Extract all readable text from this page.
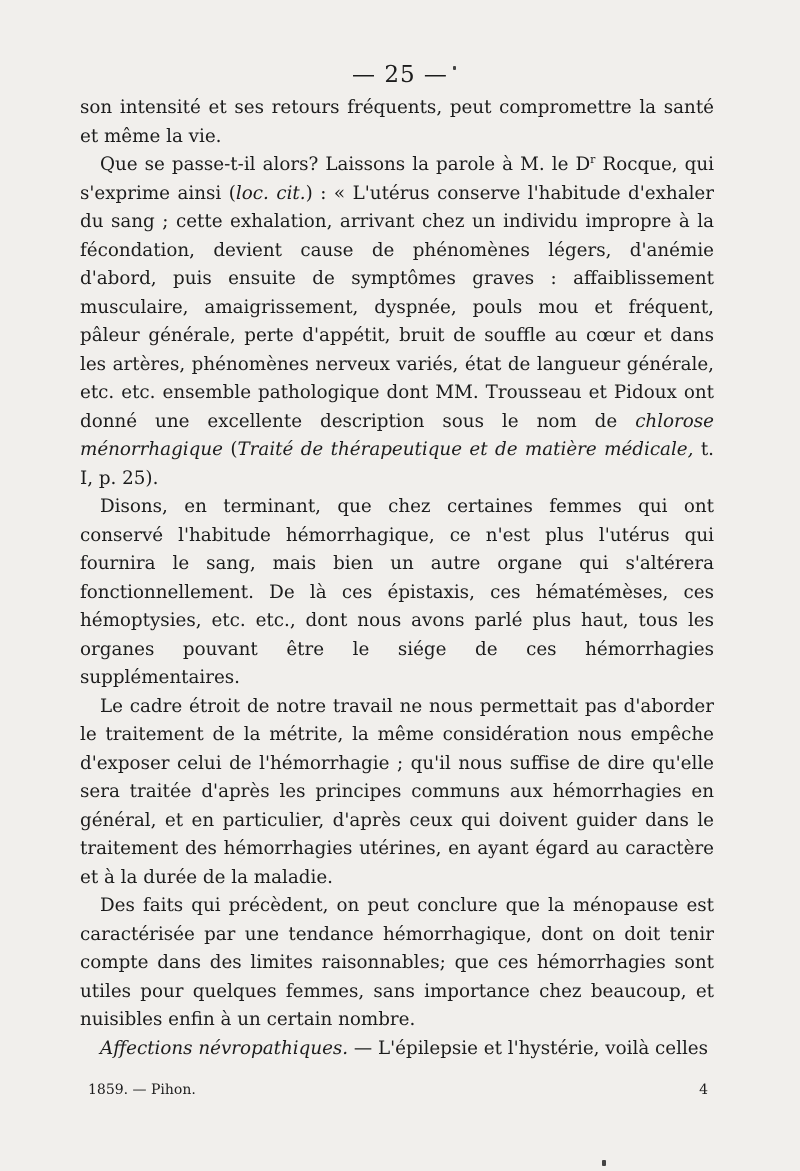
— 25 —

son intensité et ses retours fréquents, peut compromettre la santé et même la vie.

Que se passe-t-il alors? Laissons la parole à M. le $D^r$ Rocque, qui s'exprime ainsi (loc. cit.) : « L'utérus conserve l'habitude d'exhaler du sang ; cette exhalation, arrivant chez un individu impropre à la fécondation, devient cause de phénomènes légers, d'anémie d'abord, puis ensuite de symptômes graves : affaiblissement musculaire, amaigrissement, dyspnée, pouls mou et fréquent, pâleur générale, perte d'appétit, bruit de souffle au cœur et dans les artères, phénomènes nerveux variés, état de langueur générale, etc. etc. ensemble pathologique dont MM. Trousseau et Pidoux ont donné une excellente description sous le nom de chlorose ménorrhagique (Traité de thérapeutique et de matière médicale, t. I, p. 25).

Disons, en terminant, que chez certaines femmes qui ont conservé l'habitude hémorrhagique, ce n'est plus l'utérus qui fournira le sang, mais bien un autre organe qui s'altérera fonctionnellement. De là ces épistaxis, ces hématémèses, ces hémoptysies, etc. etc., dont nous avons parlé plus haut, tous les organes pouvant être le siége de ces hémorrhagies supplémentaires.

Le cadre étroit de notre travail ne nous permettait pas d'aborder le traitement de la métrite, la même considération nous empêche d'exposer celui de l'hémorrhagie ; qu'il nous suffise de dire qu'elle sera traitée d'après les principes communs aux hémorrhagies en général, et en particulier, d'après ceux qui doivent guider dans le traitement des hémorrhagies utérines, en ayant égard au caractère et à la durée de la maladie.

Des faits qui précèdent, on peut conclure que la ménopause est caractérisée par une tendance hémorrhagique, dont on doit tenir compte dans des limites raisonnables; que ces hémorrhagies sont utiles pour quelques femmes, sans importance chez beaucoup, et nuisibles enfin à un certain nombre.

Affections névropathiques. — L'épilepsie et l'hystérie, voilà celles

1859. — Pihon.	4
